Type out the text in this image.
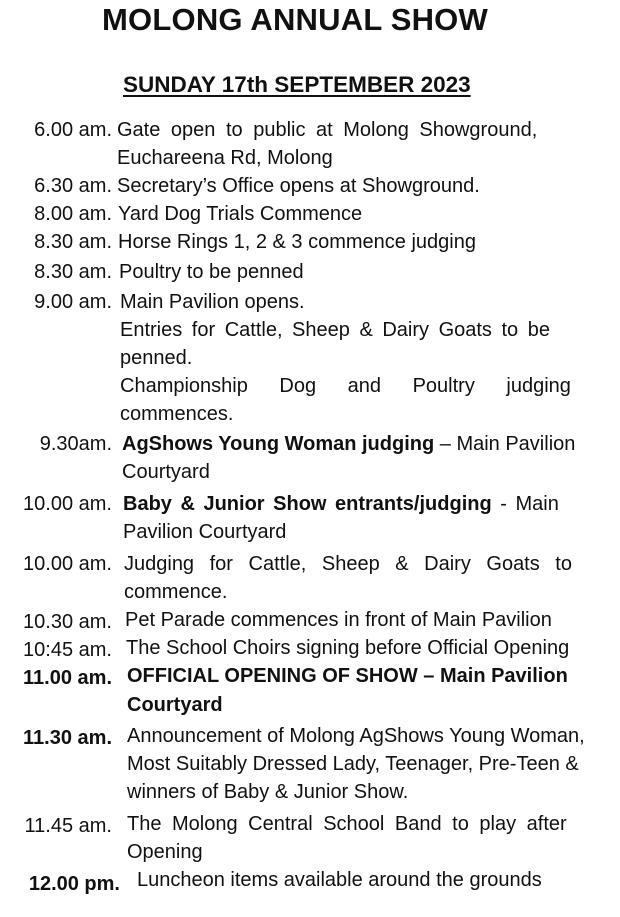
MOLONG ANNUAL SHOW
SUNDAY 17th SEPTEMBER 2023
6.00 am. Gate open to public at Molong Showground,
Euchareena Rd, Molong
6.30 am. Secretary’s Office opens at Showground.
8.00 am. Yard Dog Trials Commence
8.30 am. Horse Rings 1, 2 & 3 commence judging
8.30 am. Poultry to be penned
9.00 am. Main Pavilion opens.
Entries for Cattle, Sheep & Dairy Goats to be
penned.
Championship Dog and Poultry judging
commences.
9.30am. AgShows Young Woman judging – Main Pavilion
Courtyard
10.00 am. Baby & Junior Show entrants/judging - Main
Pavilion Courtyard
10.00 am. Judging for Cattle, Sheep & Dairy Goats to
commence.
10.30 am. Pet Parade commences in front of Main Pavilion
10:45 am. The School Choirs signing before Official Opening
11.00 am. OFFICIAL OPENING OF SHOW – Main Pavilion
Courtyard
11.30 am. Announcement of Molong AgShows Young Woman,
Most Suitably Dressed Lady, Teenager, Pre-Teen &
winners of Baby & Junior Show.
11.45 am. The Molong Central School Band to play after
Opening
12.00 pm. Luncheon items available around the grounds
